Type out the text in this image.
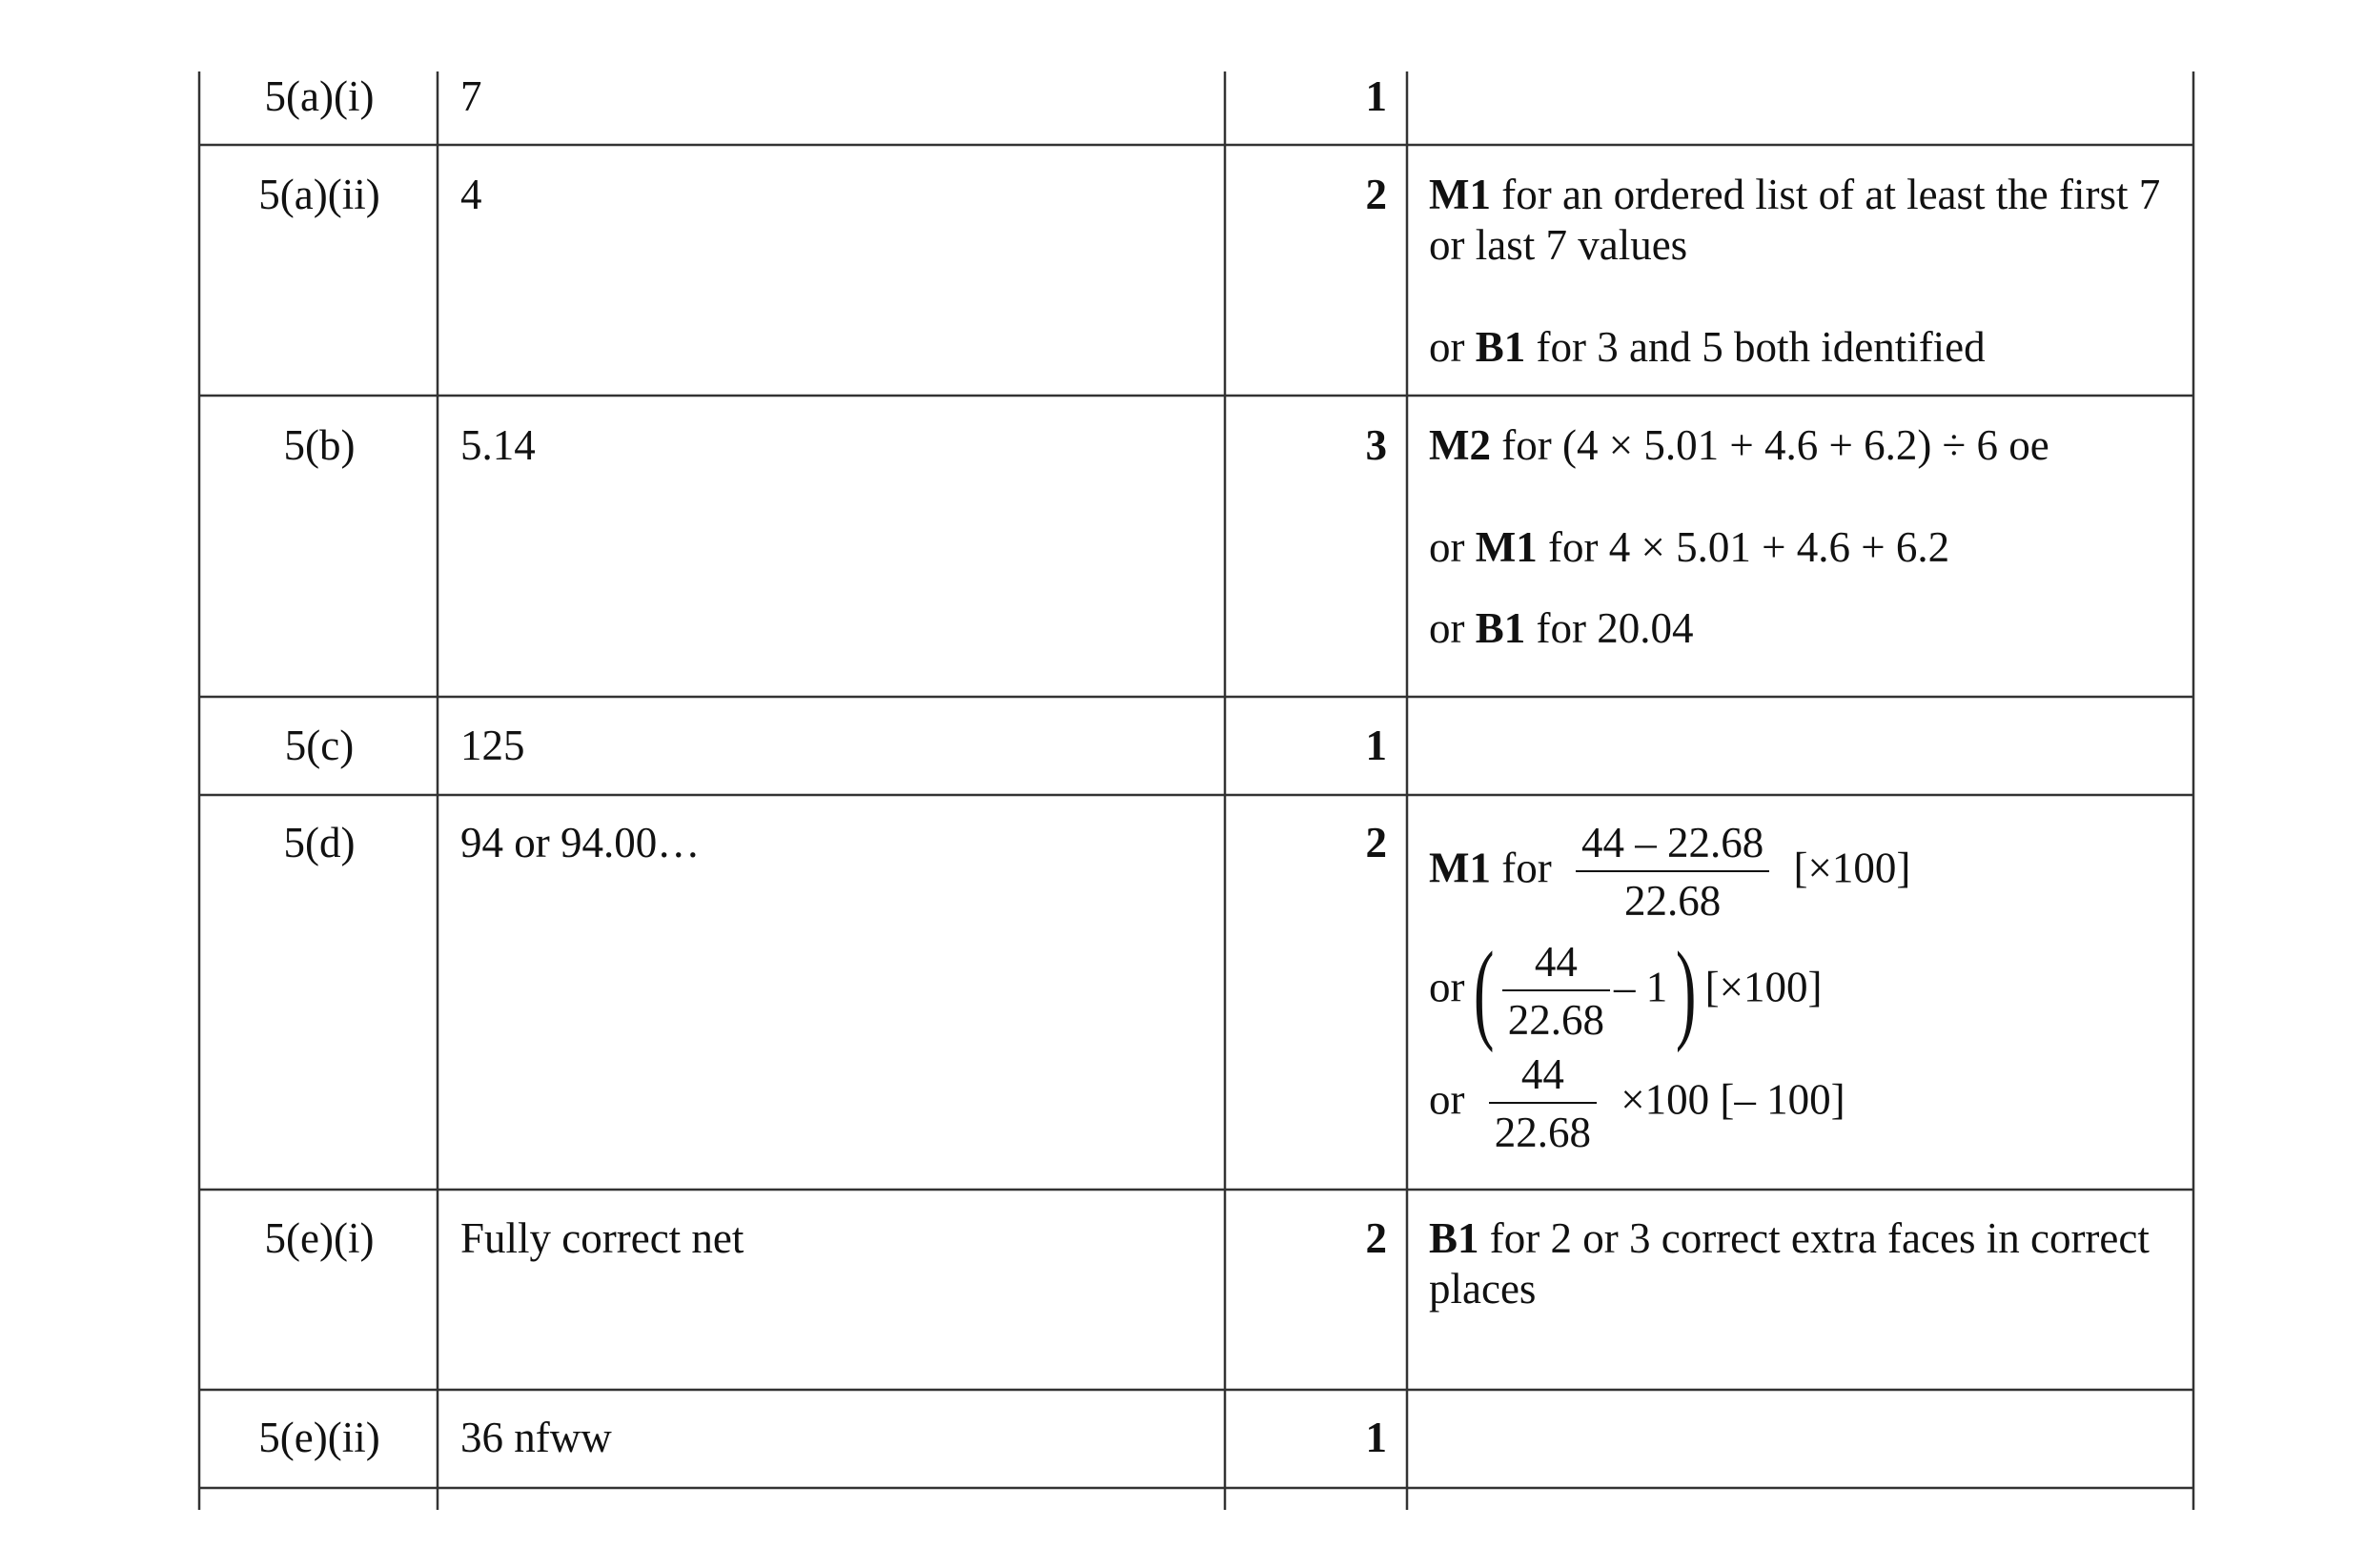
5(a)(i)	7	1
5(a)(ii)	4	2 M1 for an ordered list of at least the first 7 or last 7 values

or B1 for 3 and 5 both identified

5(b)	5.14	3 M2 for (4 × 5.01 + 4.6 + 6.2) ÷ 6 oe

or M1 for 4 × 5.01 + 4.6 + 6.2

or B1 for 20.04

5(c)	125	1
5(d)	94 or 94.00…	2
M1 for $\frac{44 - 22.68}{22.68} [\times 100]$
$or( \frac{44}{22.68} - 1)$ [×100]
or $\frac{44}{22.68} \times 100$ [– 100]
5(e)(i)	Fully correct net	2 B1 for 2 or 3 correct extra faces in correct places

5(e)(ii)	36 nfww	1
